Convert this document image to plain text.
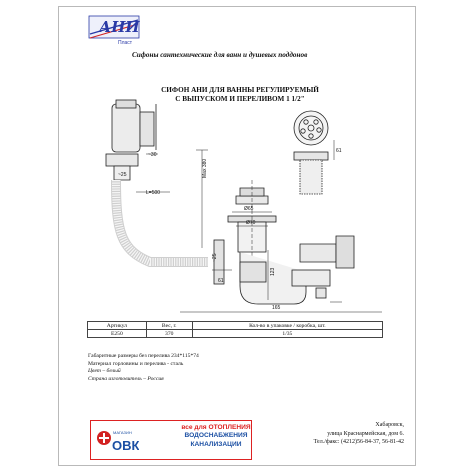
АНИ
Пласт
Сифоны сантехнические для ванн и душевых поддонов
СИФОН АНИ ДЛЯ ВАННЫ РЕГУЛИРУЕМЫЙ
С ВЫПУСКОМ И ПЕРЕЛИВОМ 1 1/2"
~30
~25
L=500
Max 380
Ø65
Ø70
61
61
123
165
~25
Артикул	Вес, г.	Кол-во в упаковке / коробка, шт.
E250	370	1/35
Габаритные размеры без перелива 234*115*74
Материал горловины и перелива - сталь
Цвет – белый
Страна изготовитель – Россия
МАГАЗИН
ОВК
все для ОТОПЛЕНИЯ
ВОДОСНАБЖЕНИЯ
КАНАЛИЗАЦИИ
Хабаровск,
улица Краснармейская, дом 6.
Тел./факс: (4212)56-84-37, 56-81-42
